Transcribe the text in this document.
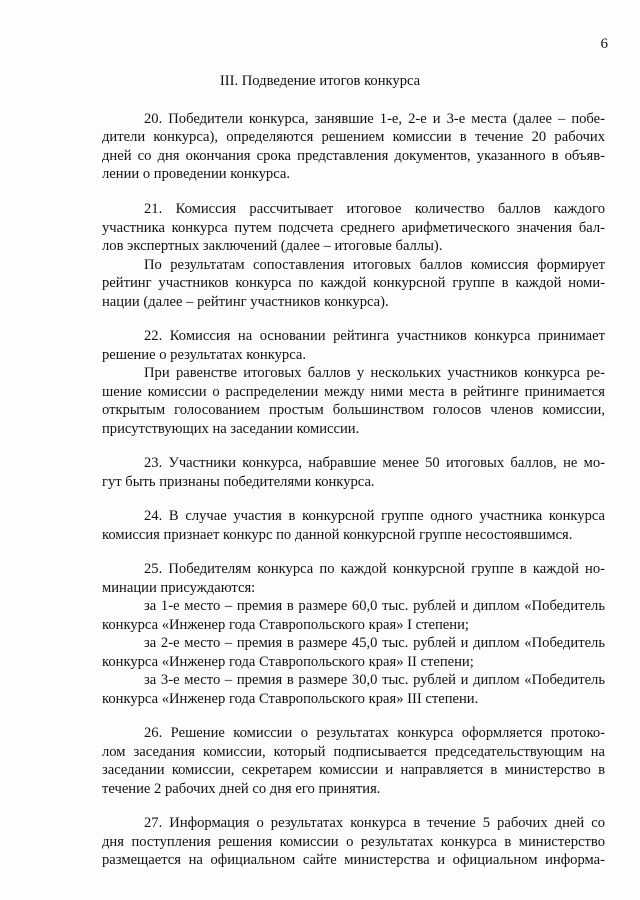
6
III. Подведение итогов конкурса
20. Победители конкурса, занявшие 1-е, 2-е и 3-е места (далее – побе-
дители конкурса), определяются решением комиссии в течение 20 рабочих
дней со дня окончания срока представления документов, указанного в объяв-
лении о проведении конкурса.
21. Комиссия рассчитывает итоговое количество баллов каждого
участника конкурса путем подсчета среднего арифметического значения бал-
лов экспертных заключений (далее – итоговые баллы).
По результатам сопоставления итоговых баллов комиссия формирует
рейтинг участников конкурса по каждой конкурсной группе в каждой номи-
нации (далее – рейтинг участников конкурса).
22. Комиссия на основании рейтинга участников конкурса принимает
решение о результатах конкурса.
При равенстве итоговых баллов у нескольких участников конкурса ре-
шение комиссии о распределении между ними места в рейтинге принимается
открытым голосованием простым большинством голосов членов комиссии,
присутствующих на заседании комиссии.
23. Участники конкурса, набравшие менее 50 итоговых баллов, не мо-
гут быть признаны победителями конкурса.
24. В случае участия в конкурсной группе одного участника конкурса
комиссия признает конкурс по данной конкурсной группе несостоявшимся.
25. Победителям конкурса по каждой конкурсной группе в каждой но-
минации присуждаются:
за 1-е место – премия в размере 60,0 тыс. рублей и диплом «Победитель
конкурса «Инженер года Ставропольского края» I степени;
за 2-е место – премия в размере 45,0 тыс. рублей и диплом «Победитель
конкурса «Инженер года Ставропольского края» II степени;
за 3-е место – премия в размере 30,0 тыс. рублей и диплом «Победитель
конкурса «Инженер года Ставропольского края» III степени.
26. Решение комиссии о результатах конкурса оформляется протоко-
лом заседания комиссии, который подписывается председательствующим на
заседании комиссии, секретарем комиссии и направляется в министерство в
течение 2 рабочих дней со дня его принятия.
27. Информация о результатах конкурса в течение 5 рабочих дней со
дня поступления решения комиссии о результатах конкурса в министерство
размещается на официальном сайте министерства и официальном информа-
